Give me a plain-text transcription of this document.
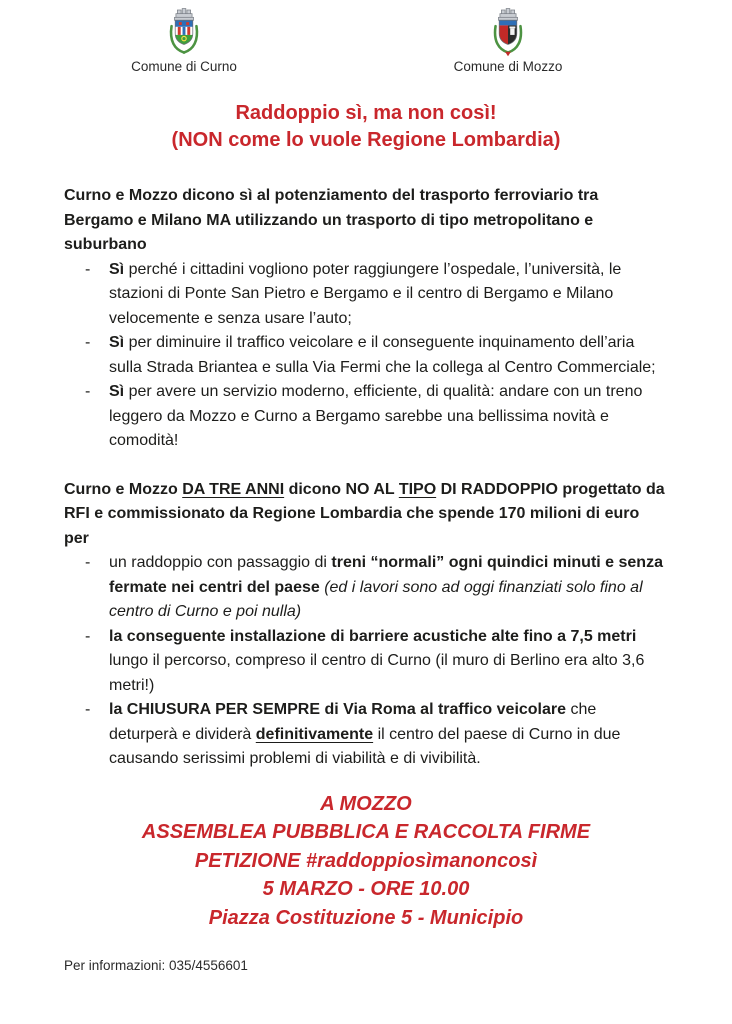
Comune di Curno	Comune di Mozzo
Raddoppio sì, ma non così!
(NON come lo vuole Regione Lombardia)

Curno e Mozzo dicono sì al potenziamento del trasporto ferroviario tra Bergamo e Milano MA utilizzando un trasporto di tipo metropolitano e suburbano

-	Sì perché i cittadini vogliono poter raggiungere l’ospedale, l’università, le stazioni di Ponte San Pietro e Bergamo e il centro di Bergamo e Milano velocemente e senza usare l’auto;
-	Sì per diminuire il traffico veicolare e il conseguente inquinamento dell’aria sulla Strada Briantea e sulla Via Fermi che la collega al Centro Commerciale;
-	Sì per avere un servizio moderno, efficiente, di qualità: andare con un treno leggero da Mozzo e Curno a Bergamo sarebbe una bellissima novità e comodità!

Curno e Mozzo DA TRE ANNI dicono NO AL TIPO DI RADDOPPIO progettato da RFI e commissionato da Regione Lombardia che spende 170 milioni di euro per

-	un raddoppio con passaggio di treni “normali” ogni quindici minuti e senza fermate nei centri del paese (ed i lavori sono ad oggi finanziati solo fino al centro di Curno e poi nulla)
-	la conseguente installazione di barriere acustiche alte fino a 7,5 metri lungo il percorso, compreso il centro di Curno (il muro di Berlino era alto 3,6 metri!)
-	la CHIUSURA PER SEMPRE di Via Roma al traffico veicolare che deturperà e dividerà definitivamente il centro del paese di Curno in due causando serissimi problemi di viabilità e di vivibilità.
A MOZZO
ASSEMBLEA PUBBBLICA E RACCOLTA FIRME
PETIZIONE #raddoppiosìmanoncosì
5 MARZO - ORE 10.00
Piazza Costituzione 5 - Municipio
Per informazioni: 035/4556601
